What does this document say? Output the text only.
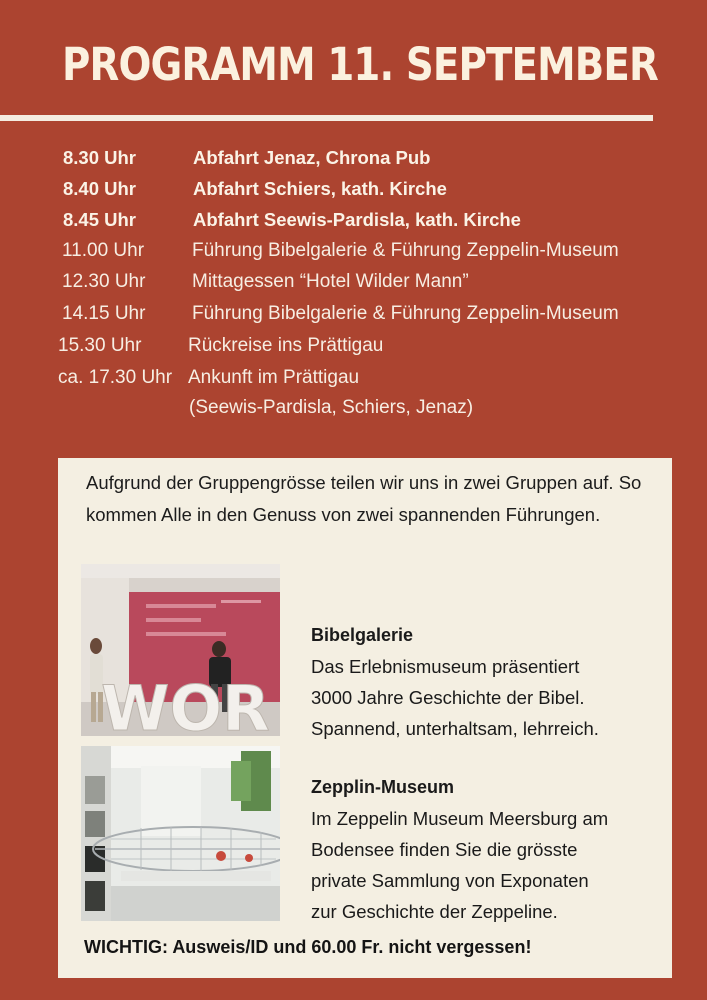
PROGRAMM 11. SEPTEMBER
8.30 Uhr	Abfahrt Jenaz, Chrona Pub
8.40 Uhr	Abfahrt Schiers, kath. Kirche
8.45 Uhr	Abfahrt Seewis-Pardisla, kath. Kirche
11.00 Uhr	Führung Bibelgalerie & Führung Zeppelin-Museum
12.30 Uhr Mittagessen “Hotel Wilder Mann”
14.15 Uhr Führung Bibelgalerie & Führung Zeppelin-Museum
15.30 Uhr Rückreise ins Prättigau
ca. 17.30 Uhr Ankunft im Prättigau
(Seewis-Pardisla, Schiers, Jenaz)

Aufgrund der Gruppengrösse teilen wir uns in zwei Gruppen auf. So kommen Alle in den Genuss von zwei spannenden Führungen.

WOR
Bibelgalerie
Das Erlebnismuseum präsentiert
3000 Jahre Geschichte der Bibel.
Spannend, unterhaltsam, lehrreich.
Zepplin-Museum
Im Zeppelin Museum Meersburg am
Bodensee finden Sie die grösste
private Sammlung von Exponaten
zur Geschichte der Zeppeline.
WICHTIG: Ausweis/ID und 60.00 Fr. nicht vergessen!
